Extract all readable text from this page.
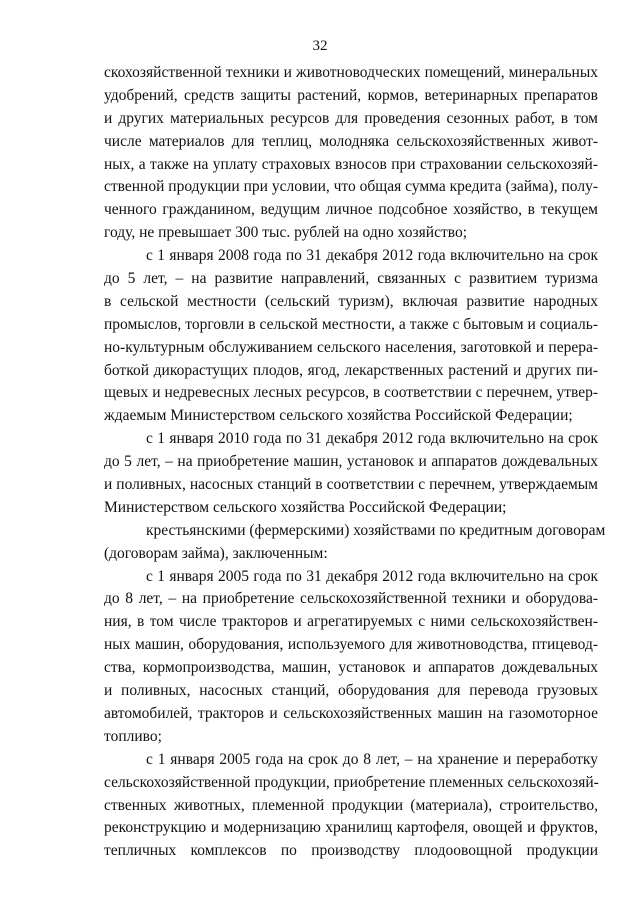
32
скохозяйственной техники и животноводческих помещений, минеральных
удобрений, средств защиты растений, кормов, ветеринарных препаратов
и других материальных ресурсов для проведения сезонных работ, в том
числе материалов для теплиц, молодняка сельскохозяйственных живот-
ных, а также на уплату страховых взносов при страховании сельскохозяй-
ственной продукции при условии, что общая сумма кредита (займа), полу-
ченного гражданином, ведущим личное подсобное хозяйство, в текущем
году, не превышает 300 тыс. рублей на одно хозяйство;
с 1 января 2008 года по 31 декабря 2012 года включительно на срок
до 5 лет, – на развитие направлений, связанных с развитием туризма
в сельской местности (сельский туризм), включая развитие народных
промыслов, торговли в сельской местности, а также с бытовым и социаль-
но-культурным обслуживанием сельского населения, заготовкой и перера-
боткой дикорастущих плодов, ягод, лекарственных растений и других пи-
щевых и недревесных лесных ресурсов, в соответствии с перечнем, утвер-
ждаемым Министерством сельского хозяйства Российской Федерации;
с 1 января 2010 года по 31 декабря 2012 года включительно на срок
до 5 лет, – на приобретение машин, установок и аппаратов дождевальных
и поливных, насосных станций в соответствии с перечнем, утверждаемым
Министерством сельского хозяйства Российской Федерации;
крестьянскими (фермерскими) хозяйствами по кредитным договорам
(договорам займа), заключенным:
с 1 января 2005 года по 31 декабря 2012 года включительно на срок
до 8 лет, – на приобретение сельскохозяйственной техники и оборудова-
ния, в том числе тракторов и агрегатируемых с ними сельскохозяйствен-
ных машин, оборудования, используемого для животноводства, птицевод-
ства, кормопроизводства, машин, установок и аппаратов дождевальных
и поливных, насосных станций, оборудования для перевода грузовых
автомобилей, тракторов и сельскохозяйственных машин на газомоторное
топливо;
с 1 января 2005 года на срок до 8 лет, – на хранение и переработку
сельскохозяйственной продукции, приобретение племенных сельскохозяй-
ственных животных, племенной продукции (материала), строительство,
реконструкцию и модернизацию хранилищ картофеля, овощей и фруктов,
тепличных комплексов по производству плодоовощной продукции
